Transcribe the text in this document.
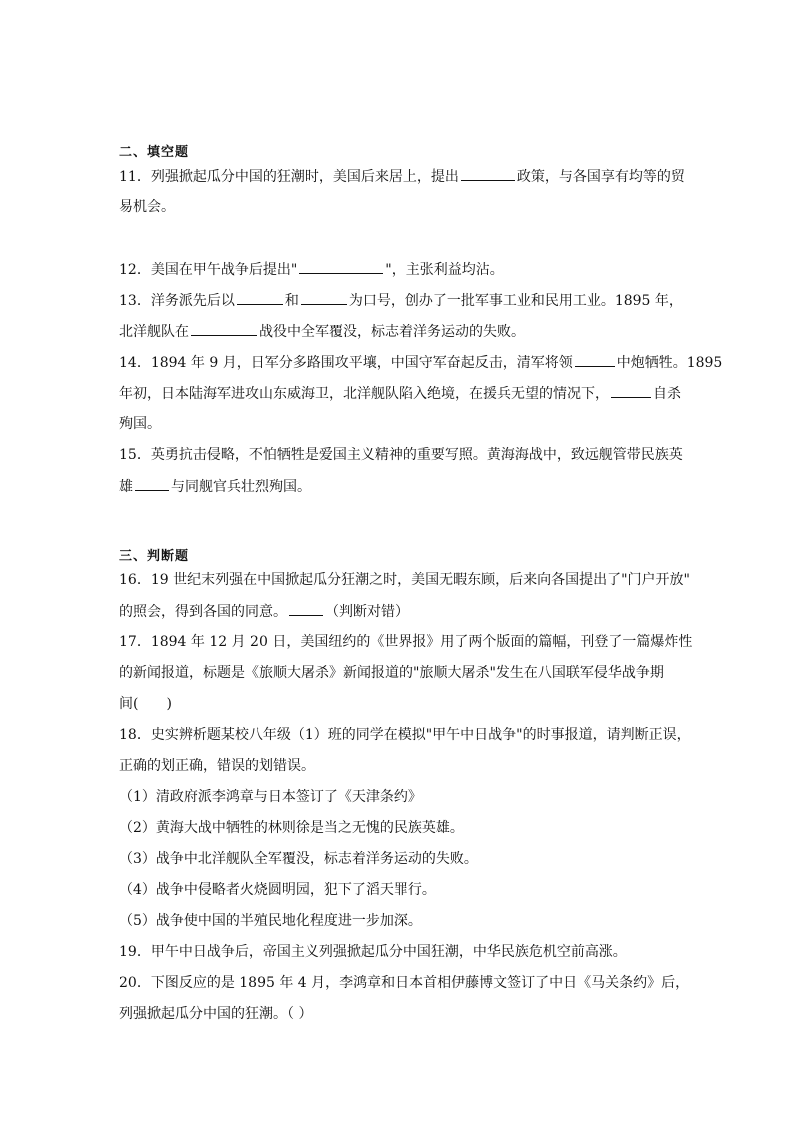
二、填空题
11．列强掀起瓜分中国的狂潮时，美国后来居上，提出	政策，与各国享有均等的贸
易机会。
12．美国在甲午战争后提出"	"，主张利益均沾。
13．洋务派先后以	和	为口号，创办了一批军事工业和民用工业。1895 年，
北洋舰队在	战役中全军覆没，标志着洋务运动的失败。
14．1894 年 9 月，日军分多路围攻平壤，中国守军奋起反击，清军将领	中炮牺牲。1895
年初，日本陆海军进攻山东威海卫，北洋舰队陷入绝境，在援兵无望的情况下，	自杀
殉国。
15．英勇抗击侵略，不怕牺牲是爱国主义精神的重要写照。黄海海战中，致远舰管带民族英
雄	与同舰官兵壮烈殉国。
三、判断题
16．19 世纪末列强在中国掀起瓜分狂潮之时，美国无暇东顾，后来向各国提出了"门户开放"
的照会，得到各国的同意。	（判断对错）
17．1894 年 12 月 20 日，美国纽约的《世界报》用了两个版面的篇幅，刊登了一篇爆炸性
的新闻报道，标题是《旅顺大屠杀》新闻报道的"旅顺大屠杀"发生在八国联军侵华战争期
间(　　)
18．史实辨析题某校八年级（1）班的同学在模拟"甲午中日战争"的时事报道，请判断正误，
正确的划正确，错误的划错误。
（1）清政府派李鸿章与日本签订了《天津条约》
（2）黄海大战中牺牲的林则徐是当之无愧的民族英雄。
（3）战争中北洋舰队全军覆没，标志着洋务运动的失败。
（4）战争中侵略者火烧圆明园，犯下了滔天罪行。
（5）战争使中国的半殖民地化程度进一步加深。
19．甲午中日战争后，帝国主义列强掀起瓜分中国狂潮，中华民族危机空前高涨。
20．下图反应的是 1895 年 4 月，李鸿章和日本首相伊藤博文签订了中日《马关条约》后，
列强掀起瓜分中国的狂潮。（ ）
